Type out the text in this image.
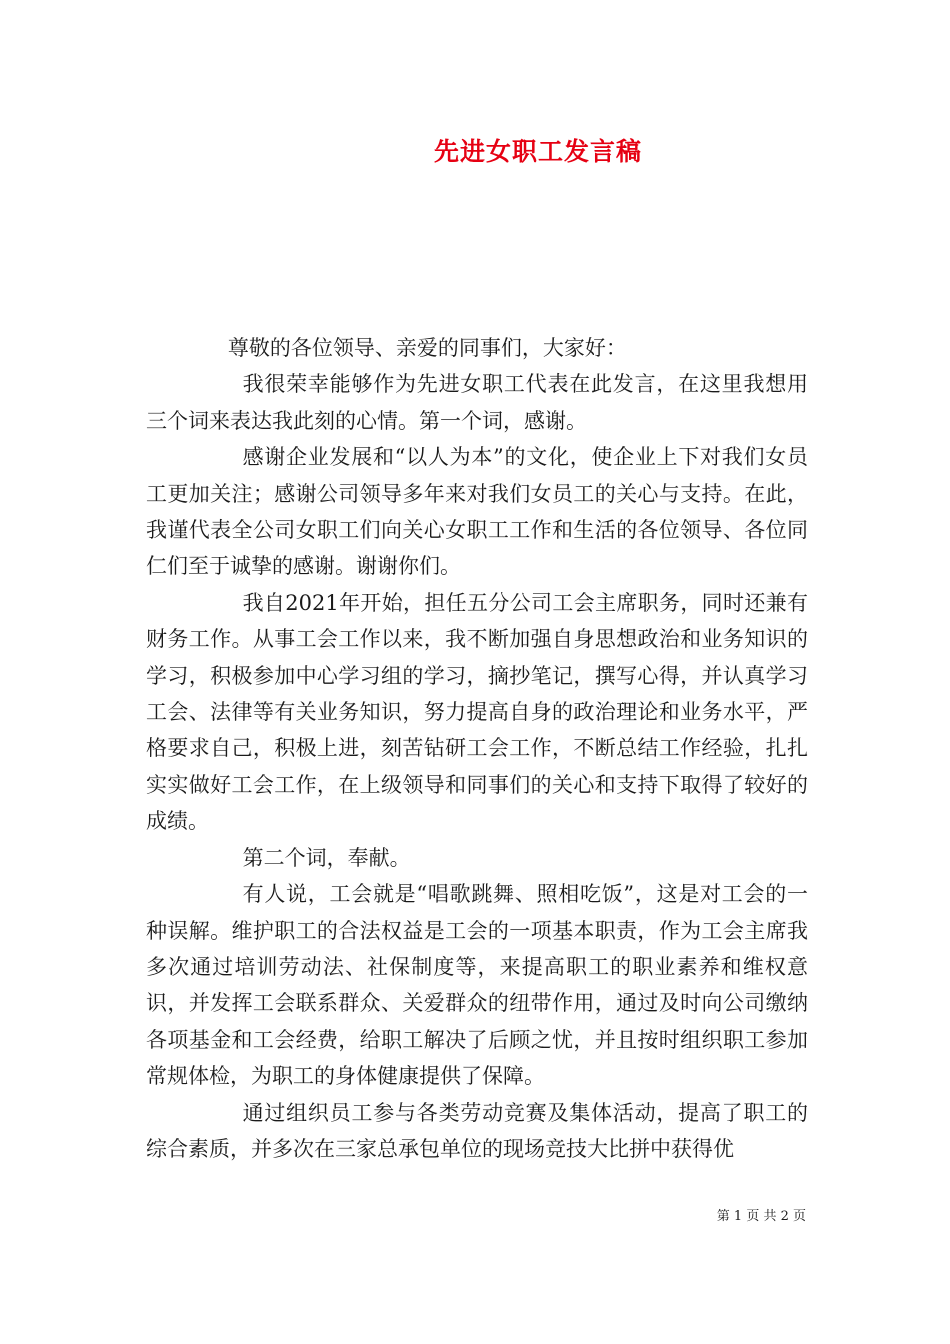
先进女职工发言稿

尊敬的各位领导、亲爱的同事们，大家好：

我很荣幸能够作为先进女职工代表在此发言，在这里我想用三个词来表达我此刻的心情。第一个词，感谢。

感谢企业发展和“以人为本”的文化，使企业上下对我们女员工更加关注；感谢公司领导多年来对我们女员工的关心与支持。在此，我谨代表全公司女职工们向关心女职工工作和生活的各位领导、各位同仁们至于诚挚的感谢。谢谢你们。

我自2021年开始，担任五分公司工会主席职务，同时还兼有财务工作。从事工会工作以来，我不断加强自身思想政治和业务知识的学习，积极参加中心学习组的学习，摘抄笔记，撰写心得，并认真学习工会、法律等有关业务知识，努力提高自身的政治理论和业务水平，严格要求自己，积极上进，刻苦钻研工会工作，不断总结工作经验，扎扎实实做好工会工作，在上级领导和同事们的关心和支持下取得了较好的成绩。

第二个词，奉献。

有人说，工会就是“唱歌跳舞、照相吃饭”，这是对工会的一种误解。维护职工的合法权益是工会的一项基本职责，作为工会主席我多次通过培训劳动法、社保制度等，来提高职工的职业素养和维权意识，并发挥工会联系群众、关爱群众的纽带作用，通过及时向公司缴纳各项基金和工会经费，给职工解决了后顾之忧，并且按时组织职工参加常规体检，为职工的身体健康提供了保障。

通过组织员工参与各类劳动竞赛及集体活动，提高了职工的综合素质，并多次在三家总承包单位的现场竞技大比拼中获得优

第 1 页 共 2 页
